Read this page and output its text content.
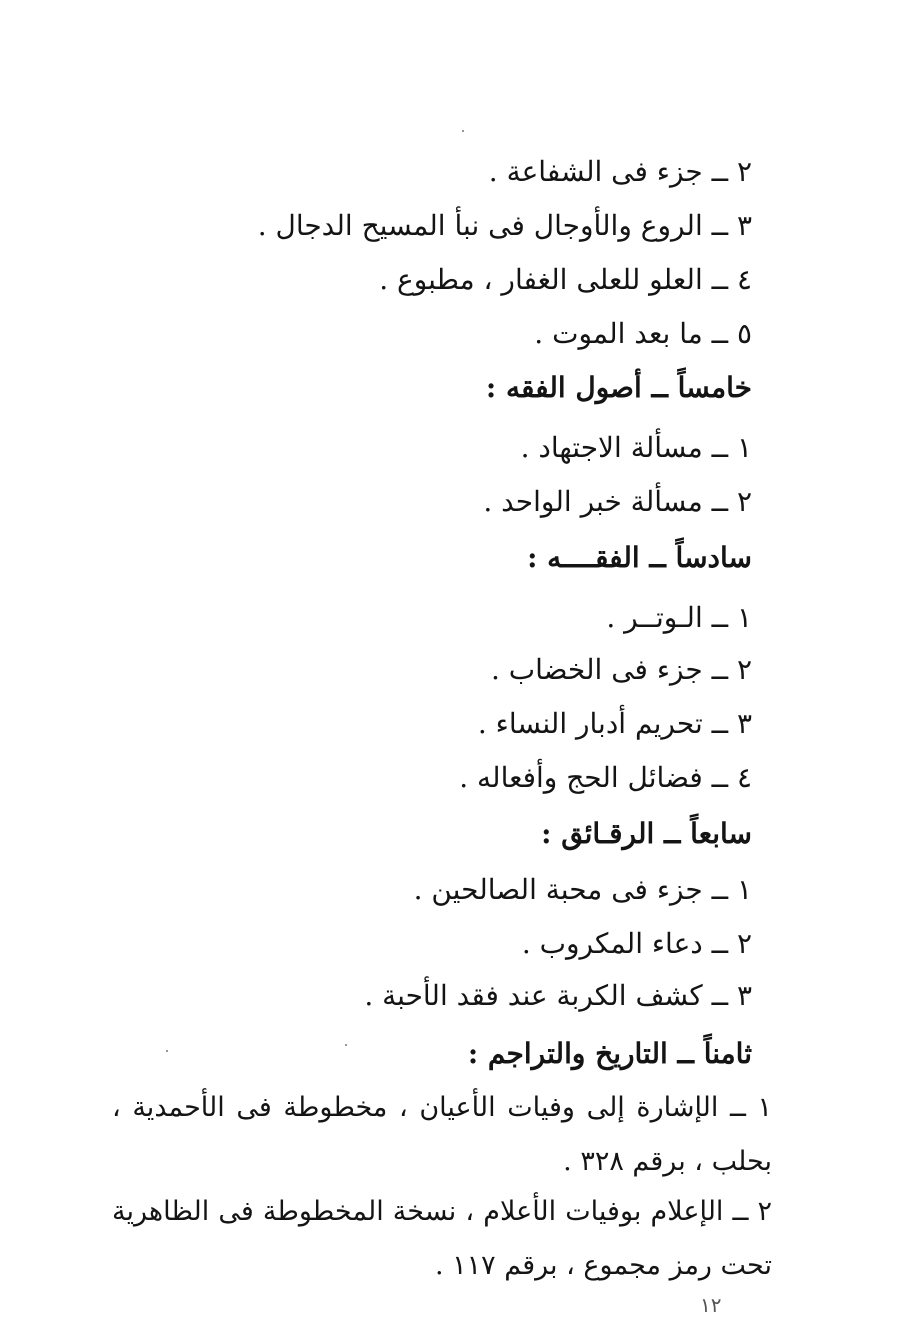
٢ ــ جزء فى الشفاعة .
٣ ــ الروع والأوجال فى نبأ المسيح الدجال .
٤ ــ العلو للعلى الغفار ، مطبوع .
٥ ــ ما بعد الموت .
خامساً ــ أصول الفقه :
١ ــ مسألة الاجتهاد .
٢ ــ مسألة خبر الواحد .
سادساً ــ الفقــــه :
١ ــ الـوتــر .
٢ ــ جزء فى الخضاب .
٣ ــ تحريم أدبار النساء .
٤ ــ فضائل الحج وأفعاله .
سابعاً ــ الرقـائق :
١ ــ جزء فى محبة الصالحين .
٢ ــ دعاء المكروب .
٣ ــ كشف الكربة عند فقد الأحبة .
ثامناً ــ التاريخ والتراجم :
١ ــ الإشارة إلى وفيات الأعيان ، مخطوطة فى الأحمدية ،
بحلب ، برقم ٣٢٨ .
٢ ــ الإعلام بوفيات الأعلام ، نسخة المخطوطة فى الظاهرية
تحت رمز مجموع ، برقم ١١٧ .
١٢
